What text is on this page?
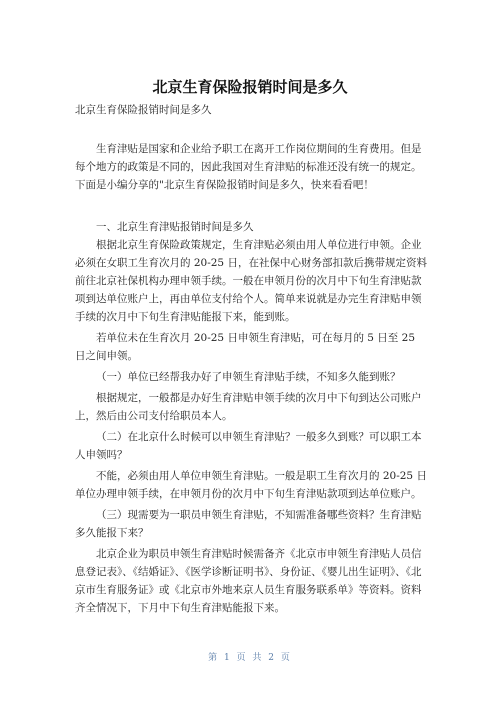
北京生育保险报销时间是多久
北京生育保险报销时间是多久

生育津贴是国家和企业给予职工在离开工作岗位期间的生育费用。但是每个地方的政策是不同的，因此我国对生育津贴的标准还没有统一的规定。下面是小编分享的"北京生育保险报销时间是多久，快来看看吧！

一、北京生育津贴报销时间是多久

根据北京生育保险政策规定，生育津贴必须由用人单位进行申领。企业必须在女职工生育次月的 20-25 日，在社保中心财务部扣款后携带规定资料前往北京社保机构办理申领手续。一般在申领月份的次月中下旬生育津贴款项到达单位账户上，再由单位支付给个人。简单来说就是办完生育津贴申领手续的次月中下旬生育津贴能报下来，能到账。

若单位未在生育次月 20-25 日申领生育津贴，可在每月的 5 日至 25 日之间申领。

（一）单位已经帮我办好了申领生育津贴手续，不知多久能到账？

根据规定，一般都是办好生育津贴申领手续的次月中下旬到达公司账户上，然后由公司支付给职员本人。

（二）在北京什么时候可以申领生育津贴？一般多久到账？可以职工本人申领吗？

不能，必须由用人单位申领生育津贴。一般是职工生育次月的 20-25 日单位办理申领手续，在申领月份的次月中下旬生育津贴款项到达单位账户。

（三）现需要为一职员申领生育津贴，不知需准备哪些资料？生育津贴多久能报下来？

北京企业为职员申领生育津贴时候需备齐《北京市申领生育津贴人员信息登记表》、《结婚证》、《医学诊断证明书》、身份证、《婴儿出生证明》、《北京市生育服务证》或《北京市外地来京人员生育服务联系单》等资料。资料齐全情况下，下月中下旬生育津贴能报下来。

第 1 页 共 2 页
